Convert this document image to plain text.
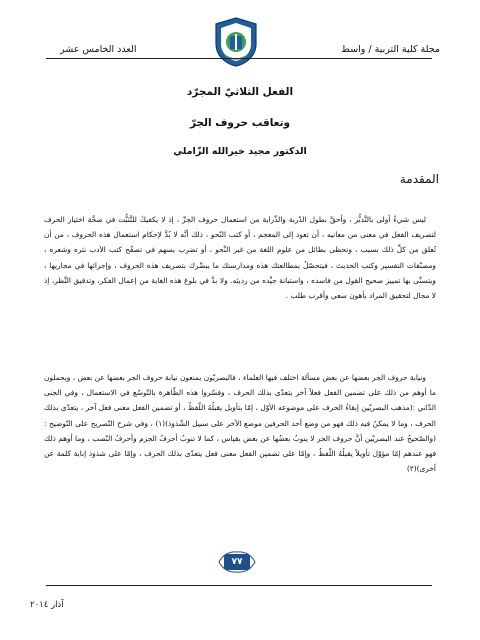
مجلة كلية التربية / واسط
العدد الخامس عشر
الفعل الثلاثيّ المجرّد
وتعاقب حروف الجرّ
الدكتور مجيد خيرالله الزّاملي
المقدمة

ليس شيءٌ أولى بالتَّدبُّر ، وأحقَّ بطول الدّربة والدِّراية من استعمال حروف الجرِّ ، إذ لا يكفيكَ للتَّثبُّت في صحَّة اختيار الحرف لتصريف الفعل في معنى من معانيه ، أن تعود إلى المعجم ، أو كتب النّحو ، ذلك أنَّه لا بُدَّ لإحكام استعمال هذه الحروف ، من أن تُعلق من كلِّ ذلك بسبب ، وتحظى بطائل من علوم اللغة من غير النَّحو ، أو تضرب بسهم في تصفّح كتب الأدب نثره وشعره ، ومصنّفات التفسير وكتب الحديث ، فيتحصّلُ بمطالعتك هذه ومدارستك ما يبصِّرك بتصريف هذه الحروف ، وإجرائها في مجاريها ، ويتسنَّى بها تمييز صحيح القول من فاسده ، واستبانة جيِّده من رديئه. ولا بدَّ في بلوغ هذه الغاية من إعمال الفكر، وتدقيق النَّظر، إذ لا مجال لتحقيق المراد بأهون سعي وأقرب طلب .

ونيابة حروف الجر بعضها عن بعض مسألة اختلف فيها العلماء ، فالبصريّون يمنعون نيابة حروف الجر بعضها عن بعض ، ويحملون ما أوهم من ذلك على تضمين الفعل فعلاً آخر يتعدّى بذلك الحرف ، وفسّروا هذه الظّاهرة بالتّوسّع في الاستعمال ، وفي الجنى الدّاني :(مذهب البصريّين إبقاءُ الحرف على موضوعه الأوّل ، إمّا بتأويل يقبلُهُ اللّفظُ ، أو تضمين الفعل معنى فعل آخر ، يتعدّى بذلك الحرف ، وما لا يمكنُ فيه ذلك فهو من وضع أحد الحرفين موضع الآخر على سبيل الشّذوذ)(١) ، وفي شرح التّصريح على التّوضيح :(والصّحيحُ عند البصريّين أنَّ حروف الجر لا ينوبُ بعضُها عن بعض بقياس ، كما لا تنوبُ أحرفُ الجزم وأحرفُ النّصب ، وما أوهم ذلك فهو عندهم إمّا مؤوّل تأويلاً يقبلُهُ اللّفظُ ، وإمّا على تضمين الفعل معنى فعل يتعدّى بذلك الحرف ، وإمّا على شذوذ إنابة كلمة عن أخرى)(٢)

٧٧
آذار ٢٠١٤
